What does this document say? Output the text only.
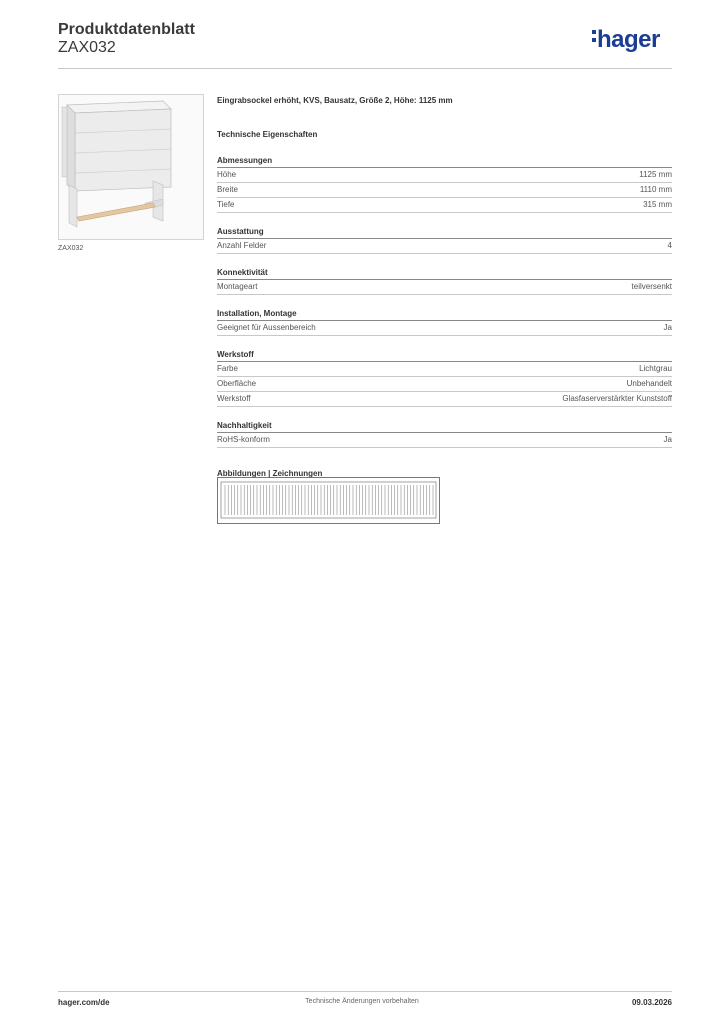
Produktdatenblatt
ZAX032	hager
ZAX032
Eingrabsockel erhöht, KVS, Bausatz, Größe 2, Höhe: 1125 mm
Technische Eigenschaften
Abmessungen
Höhe	1125 mm
Breite	1110 mm
Tiefe	315 mm
Ausstattung
Anzahl Felder	4
Konnektivität
Montageart	teilversenkt
Installation, Montage
Geeignet für Aussenbereich	Ja
Werkstoff
Farbe	Lichtgrau
Oberfläche	Unbehandelt
Werkstoff	Glasfaserverstärkter Kunststoff
Nachhaltigkeit
RoHS-konform	Ja
Abbildungen | Zeichnungen
hager.com/de	Technische Änderungen vorbehalten	09.03.2026
